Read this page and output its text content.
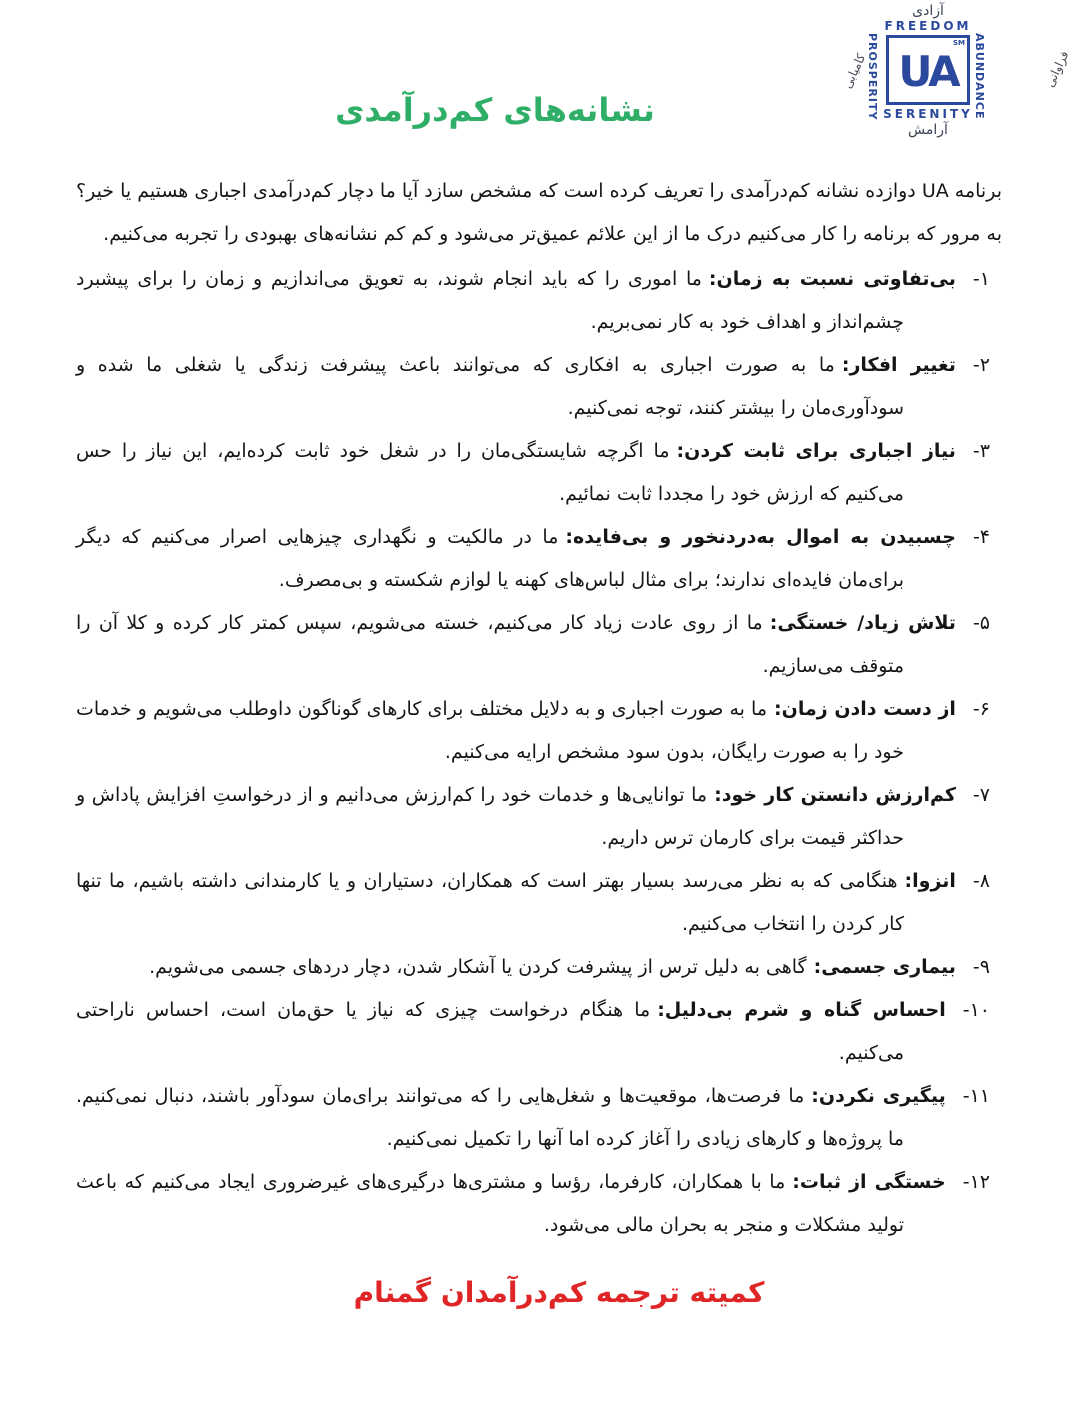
آزادی
FREEDOM
UA
SM
SERENITY
آرامش
PROSPERITY	ABUNDANCE
کامیابی	فراوانی
نشانه‌های کم‌درآمدی

برنامه UA دوازده نشانه کم‌درآمدی را تعریف کرده است که مشخص سازد آیا ما دچار کم‌درآمدی اجباری هستیم یا خیر؟ به مرور که برنامه را کار می‌کنیم درک ما از این علائم عمیق‌تر می‌شود و کم کم نشانه‌های بهبودی را تجربه می‌کنیم.

۱-بی‌تفاوتی نسبت به زمان:ما اموری را که باید انجام شوند، به تعویق می‌اندازیم و زمان را برای پیشبرد چشم‌انداز و اهداف خود به کار نمی‌بریم.
۲-تغییر افکار:ما به صورت اجباری به افکاری که می‌توانند باعث پیشرفت زندگی یا شغلی ما شده و سودآوری‌مان را بیشتر کنند، توجه نمی‌کنیم.
۳-نیاز اجباری برای ثابت کردن:ما اگرچه شایستگی‌مان را در شغل خود ثابت کرده‌ایم، این نیاز را حس می‌کنیم که ارزش خود را مجددا ثابت نمائیم.
۴-چسبیدن به اموال به‌دردنخور و بی‌فایده:ما در مالکیت و نگهداری چیزهایی اصرار می‌کنیم که دیگر برای‌مان فایده‌ای ندارند؛ برای مثال لباس‌های کهنه یا لوازم شکسته و بی‌مصرف.
۵-تلاش زیاد/ خستگی:ما از روی عادت زیاد کار می‌کنیم، خسته می‌شویم، سپس کمتر کار کرده و کلا آن را متوقف می‌سازیم.
۶-از دست دادن زمان:ما به صورت اجباری و به دلایل مختلف برای کارهای گوناگون داوطلب می‌شویم و خدمات خود را به صورت رایگان، بدون سود مشخص ارایه می‌کنیم.
۷-کم‌ارزش دانستن کار خود:ما توانایی‌ها و خدمات خود را کم‌ارزش می‌دانیم و از درخواستِ افزایش پاداش و حداکثر قیمت برای کارمان ترس داریم.
۸-انزوا:هنگامی که به نظر می‌رسد بسیار بهتر است که همکاران، دستیاران و یا کارمندانی داشته باشیم، ما تنها کار کردن را انتخاب می‌کنیم.
۹-بیماری جسمی:گاهی به دلیل ترس از پیشرفت کردن یا آشکار شدن، دچار دردهای جسمی می‌شویم.
۱۰-احساس گناه و شرم بی‌دلیل:ما هنگام درخواست چیزی که نیاز یا حق‌مان است، احساس ناراحتی می‌کنیم.
۱۱-پیگیری نکردن:ما فرصت‌ها، موقعیت‌ها و شغل‌هایی را که می‌توانند برای‌مان سودآور باشند، دنبال نمی‌کنیم. ما پروژه‌ها و کارهای زیادی را آغاز کرده اما آنها را تکمیل نمی‌کنیم.
۱۲-خستگی از ثبات:ما با همکاران، کارفرما، رؤسا و مشتری‌ها درگیری‌های غیرضروری ایجاد می‌کنیم که باعث تولید مشکلات و منجر به بحران مالی می‌شود.
کمیته ترجمه کم‌درآمدان گمنام
